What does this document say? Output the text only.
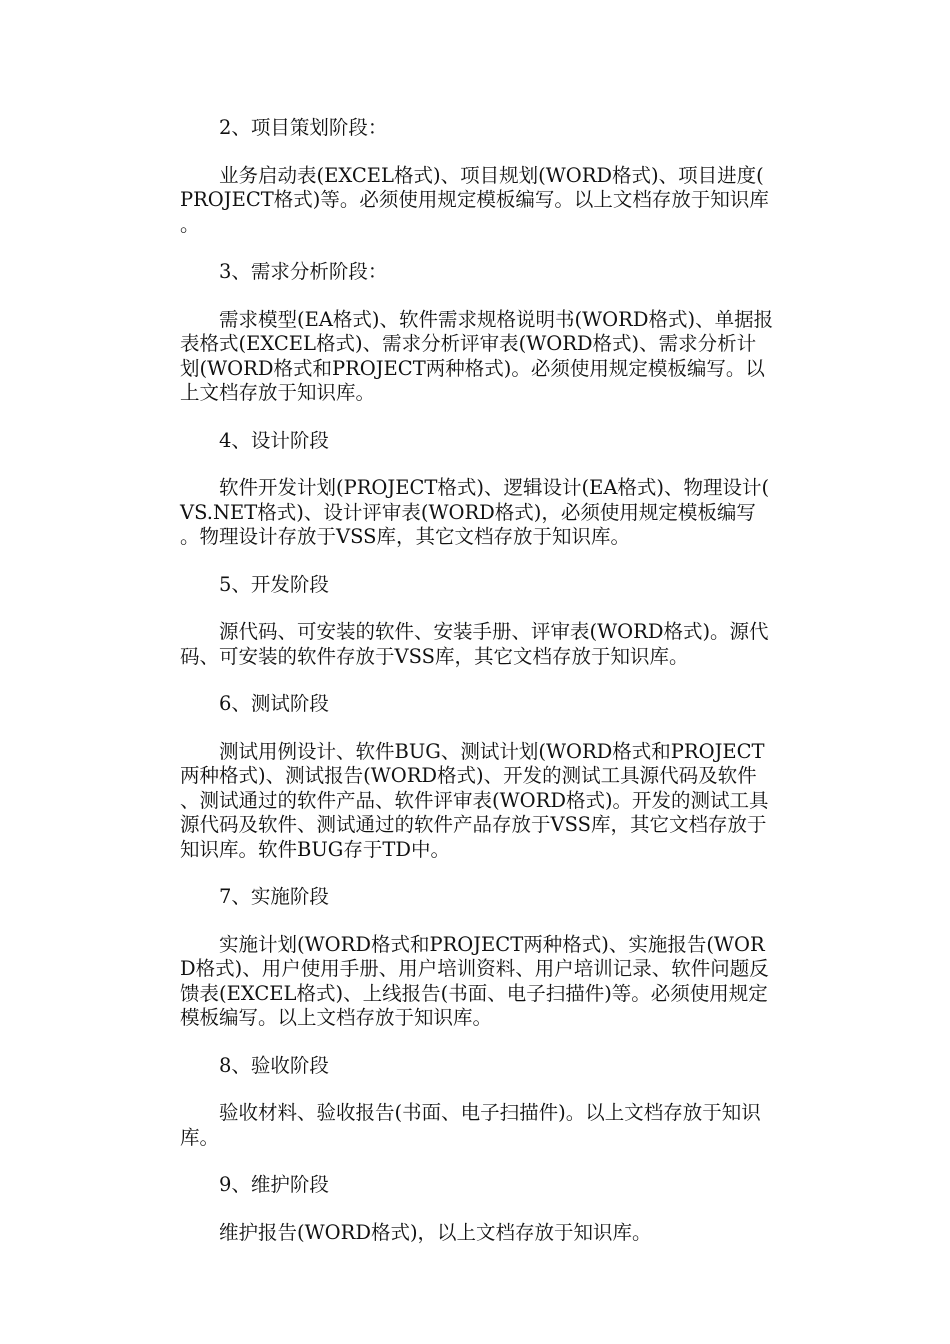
2、项目策划阶段：

业务启动表(EXCEL格式)、项目规划(WORD格式)、项目进度(PROJECT格式)等。必须使用规定模板编写。以上文档存放于知识库。

3、需求分析阶段：

需求模型(EA格式)、软件需求规格说明书(WORD格式)、单据报表格式(EXCEL格式)、需求分析评审表(WORD格式)、需求分析计划(WORD格式和PROJECT两种格式)。必须使用规定模板编写。以上文档存放于知识库。

4、设计阶段

软件开发计划(PROJECT格式)、逻辑设计(EA格式)、物理设计(VS.NET格式)、设计评审表(WORD格式)，必须使用规定模板编写。物理设计存放于VSS库，其它文档存放于知识库。

5、开发阶段

源代码、可安装的软件、安装手册、评审表(WORD格式)。源代码、可安装的软件存放于VSS库，其它文档存放于知识库。

6、测试阶段

测试用例设计、软件BUG、测试计划(WORD格式和PROJECT两种格式)、测试报告(WORD格式)、开发的测试工具源代码及软件、测试通过的软件产品、软件评审表(WORD格式)。开发的测试工具源代码及软件、测试通过的软件产品存放于VSS库，其它文档存放于知识库。软件BUG存于TD中。

7、实施阶段

实施计划(WORD格式和PROJECT两种格式)、实施报告(WORD格式)、用户使用手册、用户培训资料、用户培训记录、软件问题反馈表(EXCEL格式)、上线报告(书面、电子扫描件)等。必须使用规定模板编写。以上文档存放于知识库。

8、验收阶段

验收材料、验收报告(书面、电子扫描件)。以上文档存放于知识库。

9、维护阶段

维护报告(WORD格式)，以上文档存放于知识库。
